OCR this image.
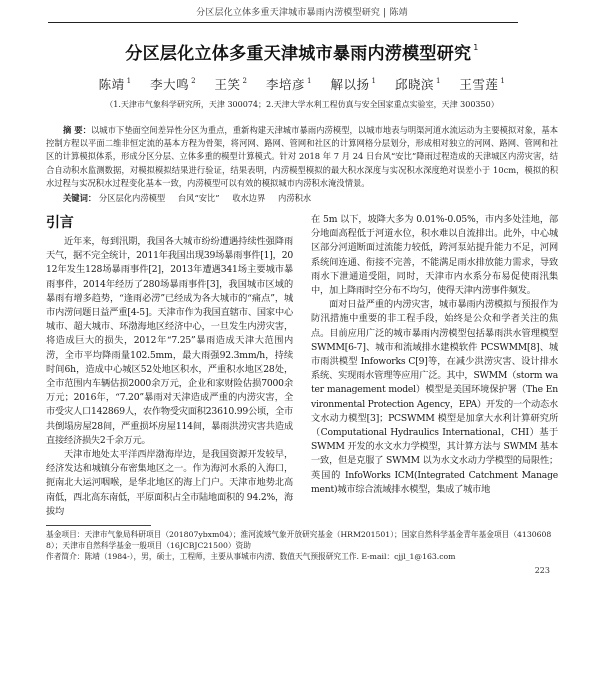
分区层化立体多重天津城市暴雨内涝模型研究 | 陈靖
分区层化立体多重天津城市暴雨内涝模型研究 $^1$
陈靖 $^1$ 李大鸣 $^2$ 王笑 $^2$ 李培彦 $^1$ 解以扬 $^1$ 邱晓滨 $^1$ 王雪莲 $^1$
（1.天津市气象科学研究所，天津 300074；2.天津大学水利工程仿真与安全国家重点实验室，天津 300350）
摘 要：以城市下垫面空间差异性分区为重点，重新构建天津城市暴雨内涝模型，以城市地表与明渠河道水流运动为主要模拟对象，基本控制方程以平面二维非恒定流的基本方程为骨架，将河网、路网、管网和社区的计算网格分层划分，形成相对独立的河网、路网、管网和社区的计算模拟体系，形成分区分层、立体多重的模型计算模式。针对 2018 年 7 月 24 日台风“安比”降雨过程造成的天津城区内涝灾害，结合自动积水监测数据，对模拟模拟结果进行验证，结果表明，内涝模型模拟的最大积水深度与实况积水深度绝对误差小于 10cm，模拟的积水过程与实况积水过程变化基本一致，内涝模型可以有效的模拟城市内涝积水淹没情景。
关键词： 分区层化内涝模型 台风“安比” 收水边界 内涝积水
引言

近年来，每到汛期，我国各大城市纷纷遭遇持续性强降雨天气，据不完全统计，2011年我国出现39场暴雨事件[1]，2012年发生128场暴雨事件[2]，2013年遭遇341场主要城市暴雨事件，2014年经历了280场暴雨事件[3]，我国城市区域的暴雨有增多趋势，“逢雨必涝”已经成为各大城市的“痛点”，城市内涝问题日益严重[4-5]。天津市作为我国直辖市、国家中心城市、超大城市、环渤海地区经济中心，一旦发生内涝灾害，将造成巨大的损失，2012年“7.25”暴雨造成天津大范围内涝，全市平均降雨量102.5mm，最大雨强92.3mm/h，持续时间6h，造成中心城区52处地区积水，严重积水地区28处，全市范围内车辆估损2000余万元，企业和家财险估损7000余万元；2016年，“7.20”暴雨对天津造成严重的内涝灾害，全市受灾人口142869人，农作物受灾面积23610.99公顷，全市共倒塌房屋28间，严重损坏房屋114间，暴雨洪涝灾害共造成直接经济损失2千余万元。

天津市地处太平洋西岸渤海岸边，是我国资源开发较早，经济发达和城镇分布密集地区之一。作为海河水系的入海口，扼南北大运河咽喉，是华北地区的海上门户。天津市地势北高南低，西北高东南低，平原面积占全市陆地面积的 94.2%，海拔均

在 5m 以下，坡降大多为 0.01%-0.05%，市内多处洼地，部分地面高程低于河道水位，积水难以自流排出。此外，中心城区部分河道断面过流能力较低，跨河泵站提升能力不足，河网系统间连通、衔接不完善，不能满足雨水排放能力需求，导致雨水下泄通道受阻，同时，天津市内水系分布易促使雨汛集中，加上降雨时空分布不均匀，使得天津内涝事件频发。

面对日益严重的内涝灾害，城市暴雨内涝模拟与预报作为防汛措施中重要的非工程手段，始终是公众和学者关注的焦点。目前应用广泛的城市暴雨内涝模型包括暴雨洪水管理模型 SWMM[6-7]、城市和流域排水建模软件 PCSWMM[8]、城市雨洪模型 Infoworks C[9]等，在减少洪涝灾害、设计排水系统、实现雨水管理等应用广泛。其中，SWMM（storm water management model）模型是美国环境保护署（The Environmental Protection Agency，EPA）开发的一个动态水文水动力模型[3]；PCSWMM 模型是加拿大水利计算研究所（Computational Hydraulics International，CHI）基于 SWMM 开发的水文水力学模型，其计算方法与 SWMM 基本一致，但是克服了 SWMM 以为水文水动力学模型的局限性；英国的 InfoWorks ICM(Integrated Catchment Management)城市综合流域排水模型，集成了城市地

基金项目：天津市气象局科研项目（201807ybxm04）；淮河流域气象开放研究基金（HRM201501）；国家自然科学基金青年基金项目（41306088）；天津市自然科学基金一般项目（16JCBJC21500）资助

作者简介：陈靖（1984-），男，硕士，工程师，主要从事城市内涝、数值天气预报研究工作. E-mail：cjjl_1@163.com

223
